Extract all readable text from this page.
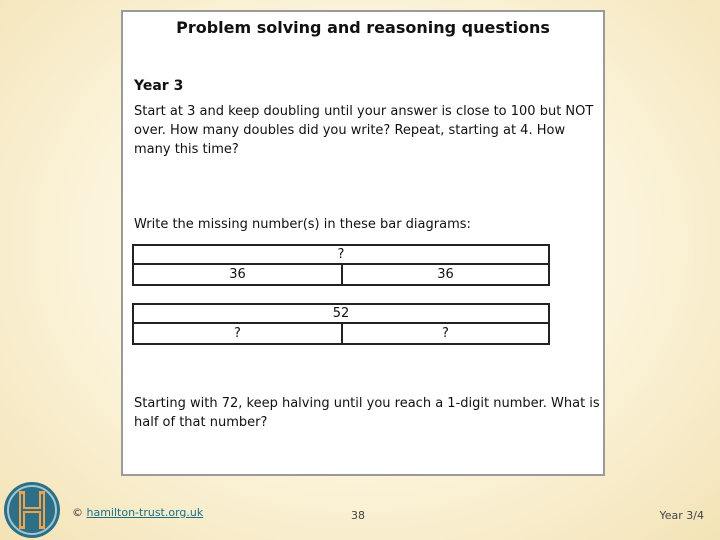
Problem solving and reasoning questions
Year 3
Start at 3 and keep doubling until your answer is close to 100 but NOT over. How many doubles did you write? Repeat, starting at 4. How many this time?
Write the missing number(s) in these bar diagrams:
?
36	36
52
?	?
Starting with 72, keep halving until you reach a 1-digit number. What is half of that number?
© hamilton-trust.org.uk	38	Year 3/4
